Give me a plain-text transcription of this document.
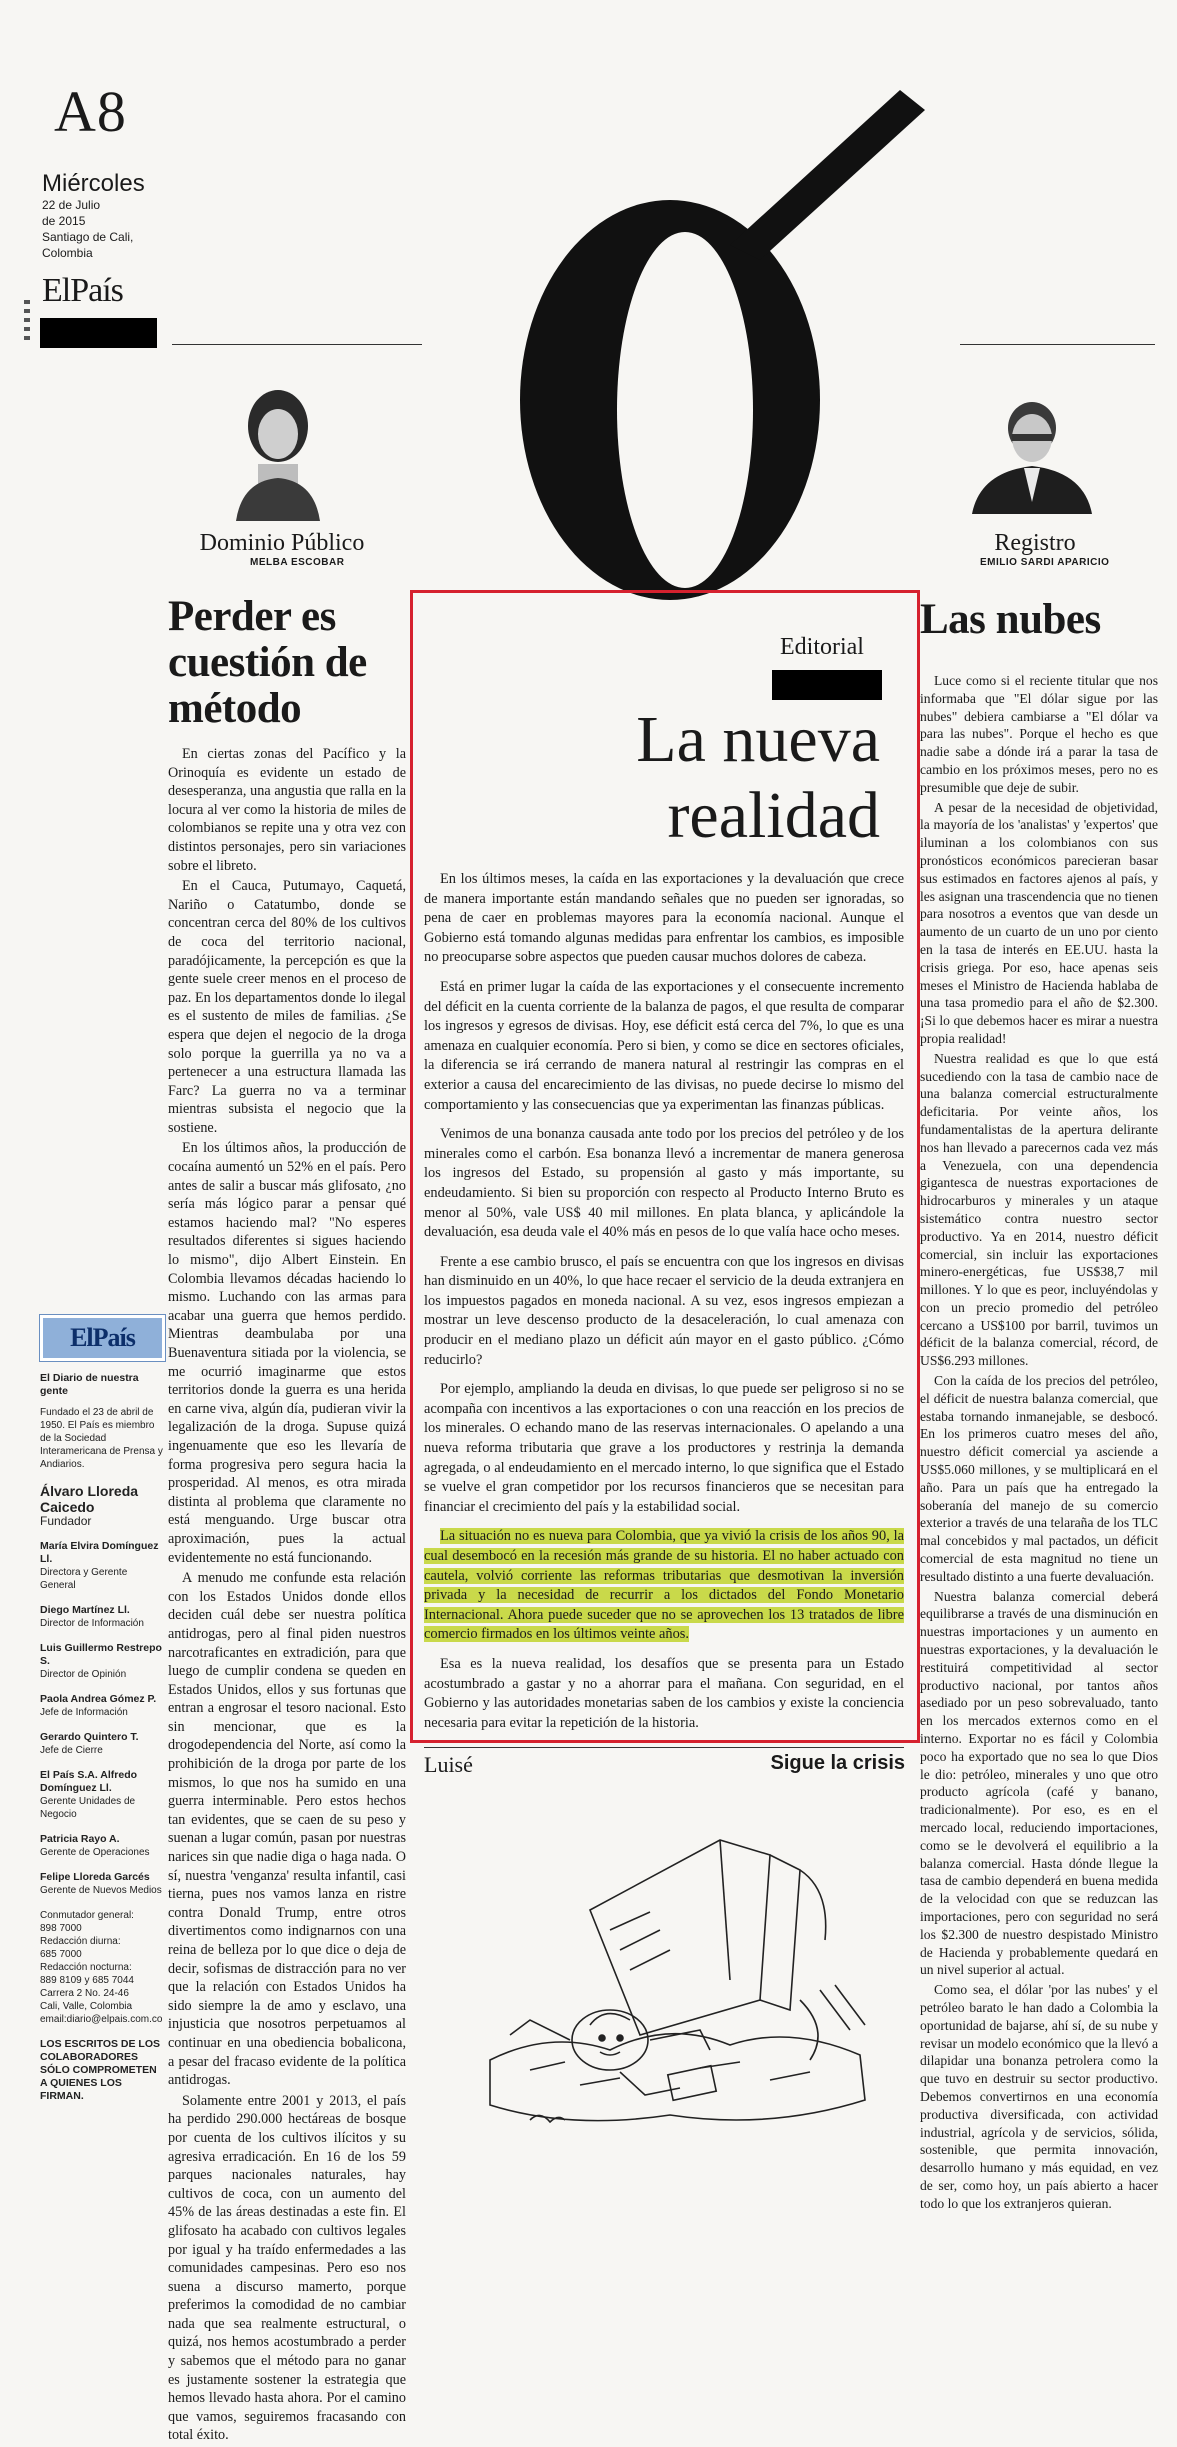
A8
Miércoles
22 de Julio
de 2015
Santiago de Cali,
Colombia
ElPaís
Dominio Público
MELBA ESCOBAR
Perder es cuestión de método

En ciertas zonas del Pacífico y la Orinoquía es evidente un estado de desesperanza, una angustia que ralla en la locura al ver como la historia de miles de colombianos se repite una y otra vez con distintos personajes, pero sin variaciones sobre el libreto.

En el Cauca, Putumayo, Caquetá, Nariño o Catatumbo, donde se concentran cerca del 80% de los cultivos de coca del territorio nacional, paradójicamente, la percepción es que la gente suele creer menos en el proceso de paz. En los departamentos donde lo ilegal es el sustento de miles de familias. ¿Se espera que dejen el negocio de la droga solo porque la guerrilla ya no va a pertenecer a una estructura llamada las Farc? La guerra no va a terminar mientras subsista el negocio que la sostiene.

En los últimos años, la producción de cocaína aumentó un 52% en el país. Pero antes de salir a buscar más glifosato, ¿no sería más lógico parar a pensar qué estamos haciendo mal? "No esperes resultados diferentes si sigues haciendo lo mismo", dijo Albert Einstein. En Colombia llevamos décadas haciendo lo mismo. Luchando con las armas para acabar una guerra que hemos perdido. Mientras deambulaba por una Buenaventura sitiada por la violencia, se me ocurrió imaginarme que estos territorios donde la guerra es una herida en carne viva, algún día, pudieran vivir la legalización de la droga. Supuse quizá ingenuamente que eso les llevaría de forma progresiva pero segura hacia la prosperidad. Al menos, es otra mirada distinta al problema que claramente no está menguando. Urge buscar otra aproximación, pues la actual evidentemente no está funcionando.

A menudo me confunde esta relación con los Estados Unidos donde ellos deciden cuál debe ser nuestra política antidrogas, pero al final piden nuestros narcotraficantes en extradición, para que luego de cumplir condena se queden en Estados Unidos, ellos y sus fortunas que entran a engrosar el tesoro nacional. Esto sin mencionar, que es la drogodependencia del Norte, así como la prohibición de la droga por parte de los mismos, lo que nos ha sumido en una guerra interminable. Pero estos hechos tan evidentes, que se caen de su peso y suenan a lugar común, pasan por nuestras narices sin que nadie diga o haga nada. O sí, nuestra 'venganza' resulta infantil, casi tierna, pues nos vamos lanza en ristre contra Donald Trump, entre otros divertimentos como indignarnos con una reina de belleza por lo que dice o deja de decir, sofismas de distracción para no ver que la relación con Estados Unidos ha sido siempre la de amo y esclavo, una injusticia que nosotros perpetuamos al continuar en una obediencia bobalicona, a pesar del fracaso evidente de la política antidrogas.

Solamente entre 2001 y 2013, el país ha perdido 290.000 hectáreas de bosque por cuenta de los cultivos ilícitos y su agresiva erradicación. En 16 de los 59 parques nacionales naturales, hay cultivos de coca, con un aumento del 45% de las áreas destinadas a este fin. El glifosato ha acabado con cultivos legales por igual y ha traído enfermedades a las comunidades campesinas. Pero eso nos suena a discurso mamerto, porque preferimos la comodidad de no cambiar nada que sea realmente estructural, o quizá, nos hemos acostumbrado a perder y sabemos que el método para no ganar es justamente sostener la estrategia que hemos llevado hasta ahora. Por el camino que vamos, seguiremos fracasando con total éxito.

ElPaís
El Diario de nuestra gente
Fundado el 23 de abril de 1950. El País es miembro de la Sociedad Interamericana de Prensa y Andiarios.
Álvaro Lloreda Caicedo
Fundador
María Elvira Domínguez Ll.
Directora y Gerente General
Diego Martínez Ll.
Director de Información
Luis Guillermo Restrepo S.
Director de Opinión
Paola Andrea Gómez P.
Jefe de Información
Gerardo Quintero T.
Jefe de Cierre
El País S.A. Alfredo Domínguez Ll.
Gerente Unidades de Negocio
Patricia Rayo A.
Gerente de Operaciones
Felipe Lloreda Garcés
Gerente de Nuevos Medios
Conmutador general:
898 7000
Redacción diurna:
685 7000
Redacción nocturna:
889 8109 y 685 7044
Carrera 2 No. 24-46
Cali, Valle, Colombia
email:diario@elpais.com.co
LOS ESCRITOS DE LOS COLABORADORES SÓLO COMPROMETEN A QUIENES LOS FIRMAN.
Editorial
La nueva
realidad

En los últimos meses, la caída en las exportaciones y la devaluación que crece de manera importante están mandando señales que no pueden ser ignoradas, so pena de caer en problemas mayores para la economía nacional. Aunque el Gobierno está tomando algunas medidas para enfrentar los cambios, es imposible no preocuparse sobre aspectos que pueden causar muchos dolores de cabeza.

Está en primer lugar la caída de las exportaciones y el consecuente incremento del déficit en la cuenta corriente de la balanza de pagos, el que resulta de comparar los ingresos y egresos de divisas. Hoy, ese déficit está cerca del 7%, lo que es una amenaza en cualquier economía. Pero si bien, y como se dice en sectores oficiales, la diferencia se irá cerrando de manera natural al restringir las compras en el exterior a causa del encarecimiento de las divisas, no puede decirse lo mismo del comportamiento y las consecuencias que ya experimentan las finanzas públicas.

Venimos de una bonanza causada ante todo por los precios del petróleo y de los minerales como el carbón. Esa bonanza llevó a incrementar de manera generosa los ingresos del Estado, su propensión al gasto y más importante, su endeudamiento. Si bien su proporción con respecto al Producto Interno Bruto es menor al 50%, vale US$ 40 mil millones. En plata blanca, y aplicándole la devaluación, esa deuda vale el 40% más en pesos de lo que valía hace ocho meses.

Frente a ese cambio brusco, el país se encuentra con que los ingresos en divisas han disminuido en un 40%, lo que hace recaer el servicio de la deuda extranjera en los impuestos pagados en moneda nacional. A su vez, esos ingresos empiezan a mostrar un leve descenso producto de la desaceleración, lo cual amenaza con producir en el mediano plazo un déficit aún mayor en el gasto público. ¿Cómo reducirlo?

Por ejemplo, ampliando la deuda en divisas, lo que puede ser peligroso si no se acompaña con incentivos a las exportaciones o con una reacción en los precios de los minerales. O echando mano de las reservas internacionales. O apelando a una nueva reforma tributaria que grave a los productores y restrinja la demanda agregada, o al endeudamiento en el mercado interno, lo que significa que el Estado se vuelve el gran competidor por los recursos financieros que se necesitan para financiar el crecimiento del país y la estabilidad social.

La situación no es nueva para Colombia, que ya vivió la crisis de los años 90, la cual desembocó en la recesión más grande de su historia. El no haber actuado con cautela, volvió corriente las reformas tributarias que desmotivan la inversión privada y la necesidad de recurrir a los dictados del Fondo Monetario Internacional. Ahora puede suceder que no se aprovechen los 13 tratados de libre comercio firmados en los últimos veinte años.

Esa es la nueva realidad, los desafíos que se presenta para un Estado acostumbrado a gastar y no a ahorrar para el mañana. Con seguridad, en el Gobierno y las autoridades monetarias saben de los cambios y existe la conciencia necesaria para evitar la repetición de la historia.

Luisé	Sigue la crisis
Registro
EMILIO SARDI APARICIO
Las nubes

Luce como si el reciente titular que nos informaba que "El dólar sigue por las nubes" debiera cambiarse a "El dólar va para las nubes". Porque el hecho es que nadie sabe a dónde irá a parar la tasa de cambio en los próximos meses, pero no es presumible que deje de subir.

A pesar de la necesidad de objetividad, la mayoría de los 'analistas' y 'expertos' que iluminan a los colombianos con sus pronósticos económicos parecieran basar sus estimados en factores ajenos al país, y les asignan una trascendencia que no tienen para nosotros a eventos que van desde un aumento de un cuarto de un uno por ciento en la tasa de interés en EE.UU. hasta la crisis griega. Por eso, hace apenas seis meses el Ministro de Hacienda hablaba de una tasa promedio para el año de $2.300. ¡Si lo que debemos hacer es mirar a nuestra propia realidad!

Nuestra realidad es que lo que está sucediendo con la tasa de cambio nace de una balanza comercial estructuralmente deficitaria. Por veinte años, los fundamentalistas de la apertura delirante nos han llevado a parecernos cada vez más a Venezuela, con una dependencia gigantesca de nuestras exportaciones de hidrocarburos y minerales y un ataque sistemático contra nuestro sector productivo. Ya en 2014, nuestro déficit comercial, sin incluir las exportaciones minero-energéticas, fue US$38,7 mil millones. Y lo que es peor, incluyéndolas y con un precio promedio del petróleo cercano a US$100 por barril, tuvimos un déficit de la balanza comercial, récord, de US$6.293 millones.

Con la caída de los precios del petróleo, el déficit de nuestra balanza comercial, que estaba tornando inmanejable, se desbocó. En los primeros cuatro meses del año, nuestro déficit comercial ya asciende a US$5.060 millones, y se multiplicará en el año. Para un país que ha entregado la soberanía del manejo de su comercio exterior a través de una telaraña de los TLC mal concebidos y mal pactados, un déficit comercial de esta magnitud no tiene un resultado distinto a una fuerte devaluación.

Nuestra balanza comercial deberá equilibrarse a través de una disminución en nuestras importaciones y un aumento en nuestras exportaciones, y la devaluación le restituirá competitividad al sector productivo nacional, por tantos años asediado por un peso sobrevaluado, tanto en los mercados externos como en el interno. Exportar no es fácil y Colombia poco ha exportado que no sea lo que Dios le dio: petróleo, minerales y uno que otro producto agrícola (café y banano, tradicionalmente). Por eso, es en el mercado local, reduciendo importaciones, como se le devolverá el equilibrio a la balanza comercial. Hasta dónde llegue la tasa de cambio dependerá en buena medida de la velocidad con que se reduzcan las importaciones, pero con seguridad no será los $2.300 de nuestro despistado Ministro de Hacienda y probablemente quedará en un nivel superior al actual.

Como sea, el dólar 'por las nubes' y el petróleo barato le han dado a Colombia la oportunidad de bajarse, ahí sí, de su nube y revisar un modelo económico que la llevó a dilapidar una bonanza petrolera como la que tuvo en destruir su sector productivo. Debemos convertirnos en una economía productiva diversificada, con actividad industrial, agrícola y de servicios, sólida, sostenible, que permita innovación, desarrollo humano y más equidad, en vez de ser, como hoy, un país abierto a hacer todo lo que los extranjeros quieran.
